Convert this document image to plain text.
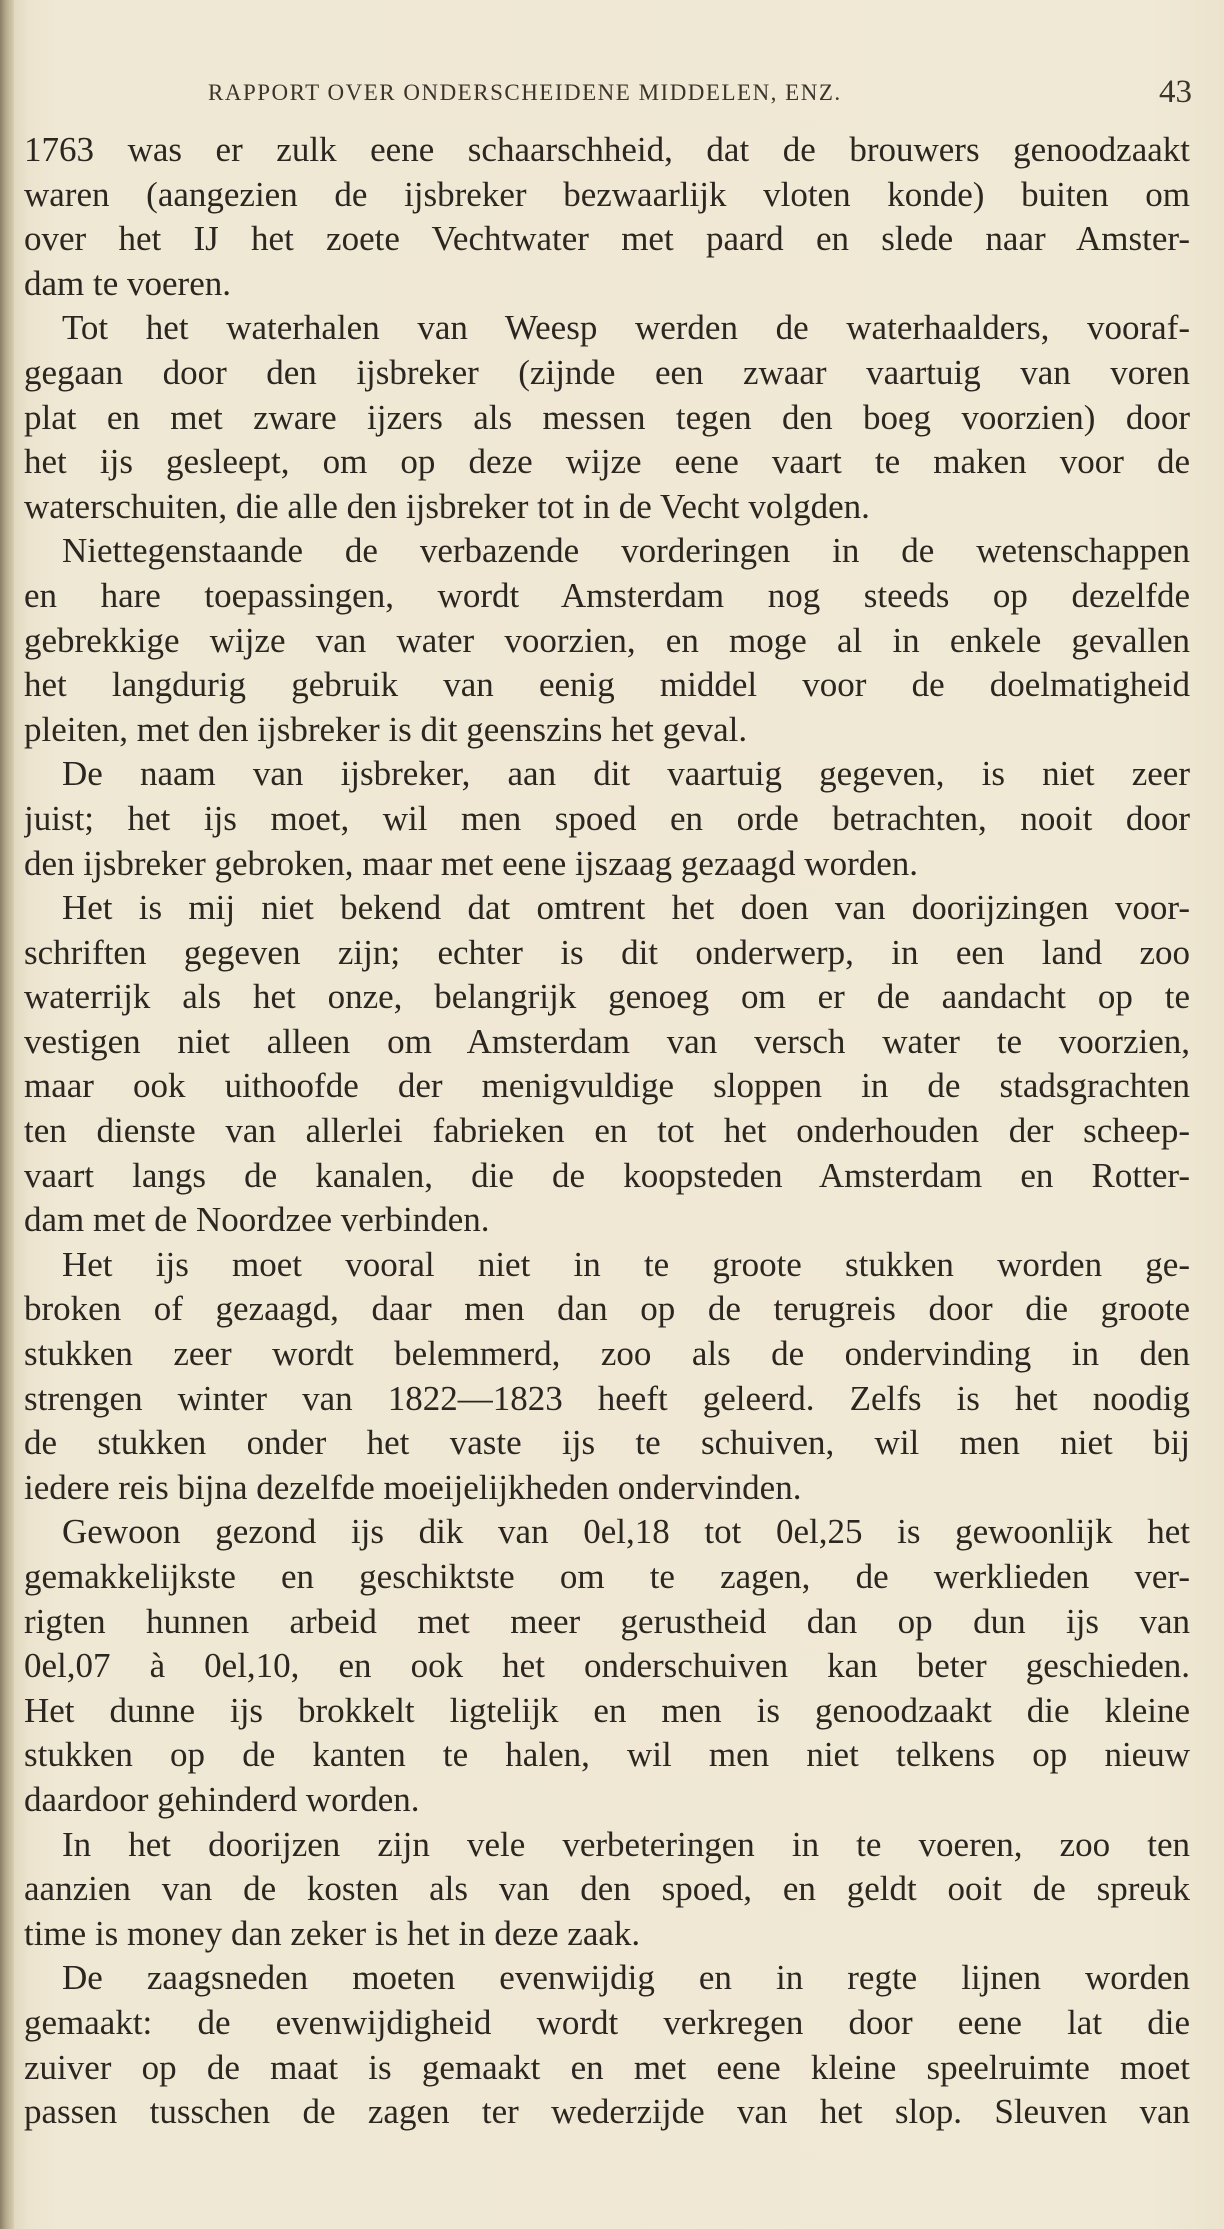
RAPPORT OVER ONDERSCHEIDENE MIDDELEN, ENZ.	43
1763 was er zulk eene schaarschheid, dat de brouwers genoodzaakt
waren (aangezien de ijsbreker bezwaarlijk vloten konde) buiten om
over het IJ het zoete Vechtwater met paard en slede naar Amster-
dam te voeren.
Tot het waterhalen van Weesp werden de waterhaalders, vooraf-
gegaan door den ijsbreker (zijnde een zwaar vaartuig van voren
plat en met zware ijzers als messen tegen den boeg voorzien) door
het ijs gesleept, om op deze wijze eene vaart te maken voor de
waterschuiten, die alle den ijsbreker tot in de Vecht volgden.
Niettegenstaande de verbazende vorderingen in de wetenschappen
en hare toepassingen, wordt Amsterdam nog steeds op dezelfde
gebrekkige wijze van water voorzien, en moge al in enkele gevallen
het langdurig gebruik van eenig middel voor de doelmatigheid
pleiten, met den ijsbreker is dit geenszins het geval.
De naam van ijsbreker, aan dit vaartuig gegeven, is niet zeer
juist; het ijs moet, wil men spoed en orde betrachten, nooit door
den ijsbreker gebroken, maar met eene ijszaag gezaagd worden.
Het is mij niet bekend dat omtrent het doen van doorijzingen voor-
schriften gegeven zijn; echter is dit onderwerp, in een land zoo
waterrijk als het onze, belangrijk genoeg om er de aandacht op te
vestigen niet alleen om Amsterdam van versch water te voorzien,
maar ook uithoofde der menigvuldige sloppen in de stadsgrachten
ten dienste van allerlei fabrieken en tot het onderhouden der scheep-
vaart langs de kanalen, die de koopsteden Amsterdam en Rotter-
dam met de Noordzee verbinden.
Het ijs moet vooral niet in te groote stukken worden ge-
broken of gezaagd, daar men dan op de terugreis door die groote
stukken zeer wordt belemmerd, zoo als de ondervinding in den
strengen winter van 1822—1823 heeft geleerd. Zelfs is het noodig
de stukken onder het vaste ijs te schuiven, wil men niet bij
iedere reis bijna dezelfde moeijelijkheden ondervinden.
Gewoon gezond ijs dik van 0el,18 tot 0el,25 is gewoonlijk het
gemakkelijkste en geschiktste om te zagen, de werklieden ver-
rigten hunnen arbeid met meer gerustheid dan op dun ijs van
0el,07 à 0el,10, en ook het onderschuiven kan beter geschieden.
Het dunne ijs brokkelt ligtelijk en men is genoodzaakt die kleine
stukken op de kanten te halen, wil men niet telkens op nieuw
daardoor gehinderd worden.
In het doorijzen zijn vele verbeteringen in te voeren, zoo ten
aanzien van de kosten als van den spoed, en geldt ooit de spreuk
time is money dan zeker is het in deze zaak.
De zaagsneden moeten evenwijdig en in regte lijnen worden
gemaakt: de evenwijdigheid wordt verkregen door eene lat die
zuiver op de maat is gemaakt en met eene kleine speelruimte moet
passen tusschen de zagen ter wederzijde van het slop. Sleuven van
